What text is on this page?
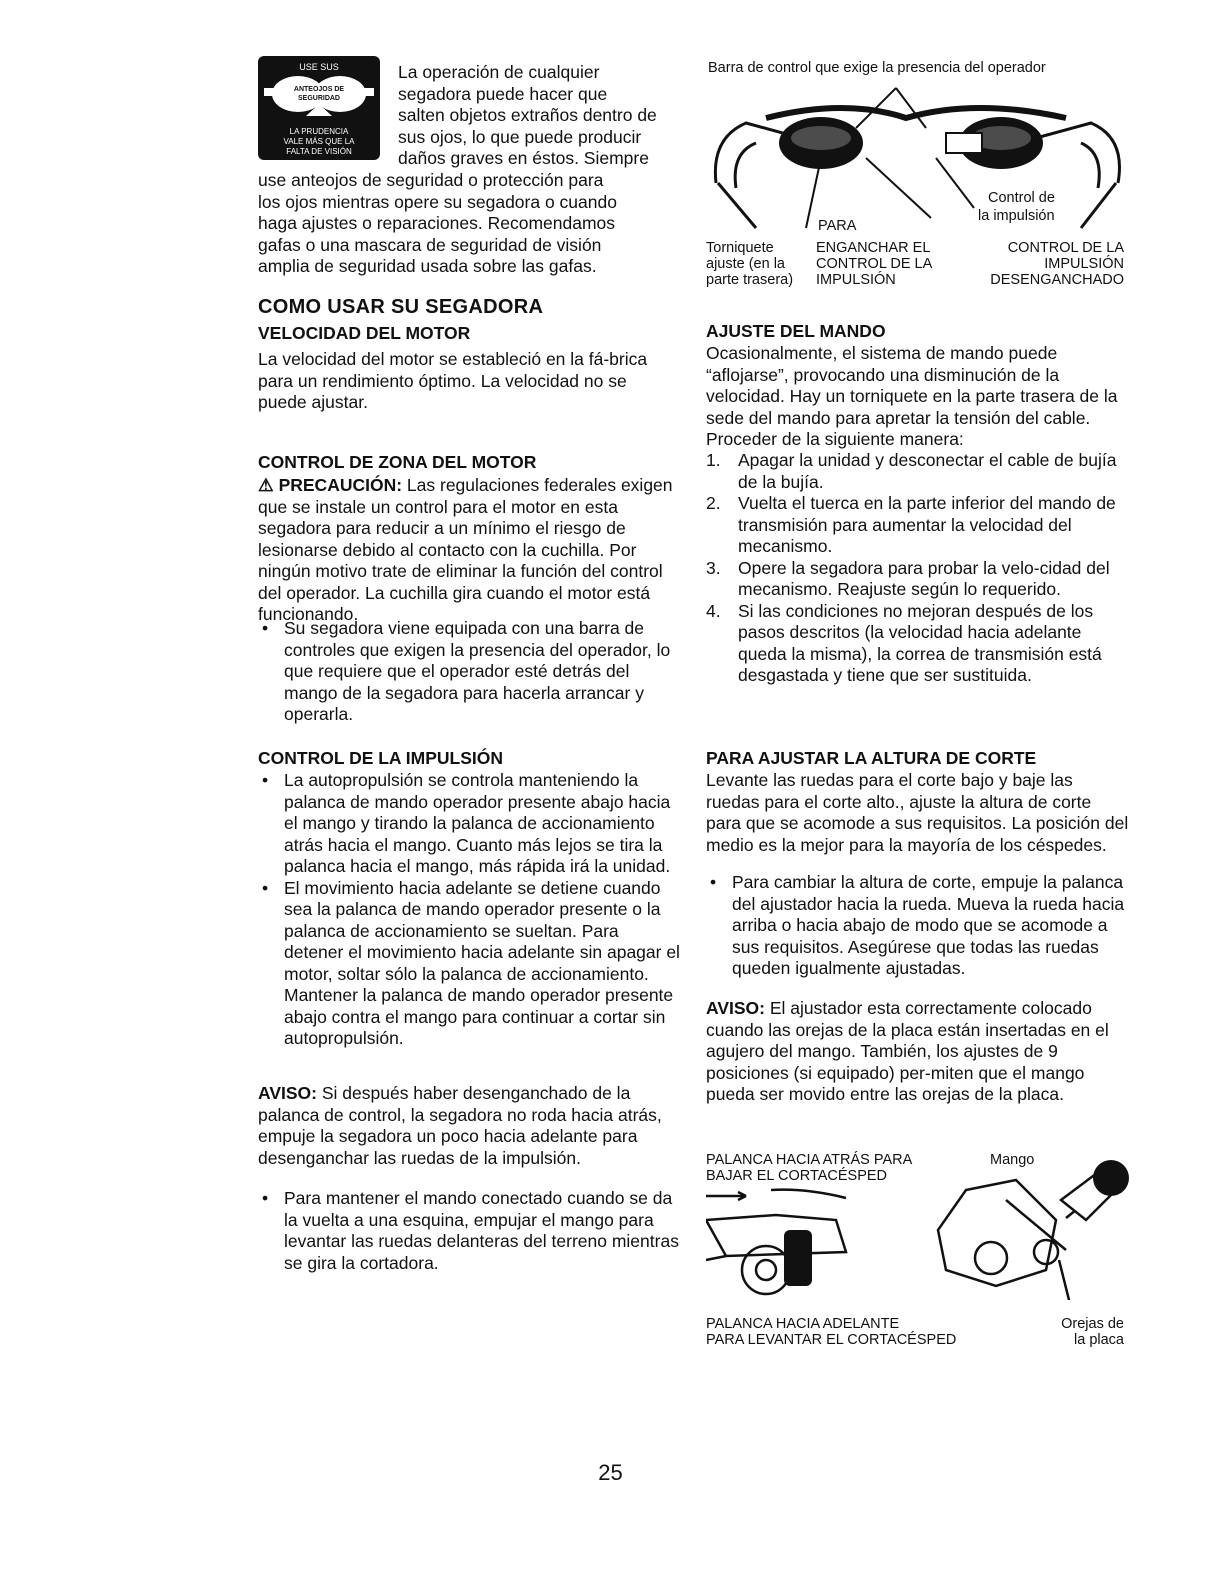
USE SUS
ANTEOJOS DE
SEGURIDAD
LA PRUDENCIA
VALE MÁS QUE LA
FALTA DE VISIÓN

La operación de cualquier

segadora puede hacer que

salten objetos extraños dentro de

sus ojos, lo que puede producir

daños graves en éstos. Siempre

use anteojos de seguridad o protección para

los ojos mientras opere su segadora o cuando

haga ajustes o reparaciones. Recomendamos

gafas o una mascara de seguridad de visión

amplia de seguridad usada sobre las gafas.

COMO USAR SU SEGADORA
VELOCIDAD DEL MOTOR

La velocidad del motor se estableció en la fá-brica para un rendimiento óptimo. La velocidad no se puede ajustar.

CONTROL DE ZONA DEL MOTOR

⚠ PRECAUCIÓN: Las regulaciones federales exigen que se instale un control para el motor en esta segadora para reducir a un mínimo el riesgo de lesionarse debido al contacto con la cuchilla. Por ningún motivo trate de eliminar la función del control del operador. La cuchilla gira cuando el motor está funcionando.

• Su segadora viene equipada con una barra de controles que exigen la presencia del operador, lo que requiere que el operador esté detrás del mango de la segadora para hacerla arrancar y operarla.
CONTROL DE LA IMPULSIÓN
• La autopropulsión se controla manteniendo la palanca de mando operador presente abajo hacia el mango y tirando la palanca de accionamiento atrás hacia el mango. Cuanto más lejos se tira la palanca hacia el mango, más rápida irá la unidad.
• El movimiento hacia adelante se detiene cuando sea la palanca de mando operador presente o la palanca de accionamiento se sueltan. Para detener el movimiento hacia adelante sin apagar el motor, soltar sólo la palanca de accionamiento. Mantener la palanca de mando operador presente abajo contra el mango para continuar a cortar sin autopropulsión.

AVISO: Si después haber desenganchado de la palanca de control, la segadora no roda hacia atrás, empuje la segadora un poco hacia adelante para desenganchar las ruedas de la impulsión.

• Para mantener el mando conectado cuando se da la vuelta a una esquina, empujar el mango para levantar las ruedas delanteras del terreno mientras se gira la cortadora.
Barra de control que exige la presencia del operador
Control de
la impulsión
PARA
Torniquete
ajuste (en la
parte trasera)
ENGANCHAR EL
CONTROL DE LA
IMPULSIÓN
CONTROL DE LA
IMPULSIÓN
DESENGANCHADO
AJUSTE DEL MANDO

Ocasionalmente, el sistema de mando puede “aflojarse”, provocando una disminución de la velocidad. Hay un torniquete en la parte trasera de la sede del mando para apretar la tensión del cable. Proceder de la siguiente manera:

1. Apagar la unidad y desconectar el cable de bujía de la bujía.
2. Vuelta el tuerca en la parte inferior del mando de transmisión para aumentar la velocidad del mecanismo.
3. Opere la segadora para probar la velo-cidad del mecanismo. Reajuste según lo requerido.
4. Si las condiciones no mejoran después de los pasos descritos (la velocidad hacia adelante queda la misma), la correa de transmisión está desgastada y tiene que ser sustituida.
PARA AJUSTAR LA ALTURA DE CORTE

Levante las ruedas para el corte bajo y baje las ruedas para el corte alto., ajuste la altura de corte para que se acomode a sus requisitos. La posición del medio es la mejor para la mayoría de los céspedes.

• Para cambiar la altura de corte, empuje la palanca del ajustador hacia la rueda. Mueva la rueda hacia arriba o hacia abajo de modo que se acomode a sus requisitos. Asegúrese que todas las ruedas queden igualmente ajustadas.

AVISO: El ajustador esta correctamente colocado cuando las orejas de la placa están insertadas en el agujero del mango. También, los ajustes de 9 posiciones (si equipado) per-miten que el mango pueda ser movido entre las orejas de la placa.

PALANCA HACIA ATRÁS PARA
BAJAR EL CORTACÉSPED
Mango
PALANCA HACIA ADELANTE
PARA LEVANTAR EL CORTACÉSPED
Orejas de
la placa
25
